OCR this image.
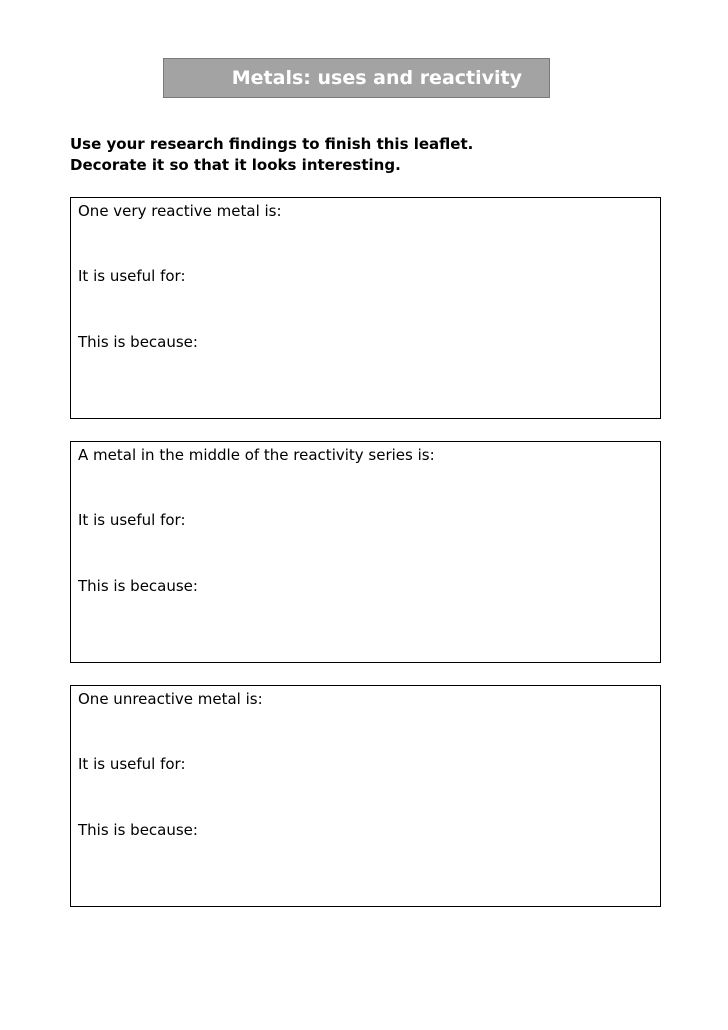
Metals: uses and reactivity
Use your research findings to finish this leaflet.
Decorate it so that it looks interesting.
One very reactive metal is:
It is useful for:
This is because:
A metal in the middle of the reactivity series is:
It is useful for:
This is because:
One unreactive metal is:
It is useful for:
This is because:
